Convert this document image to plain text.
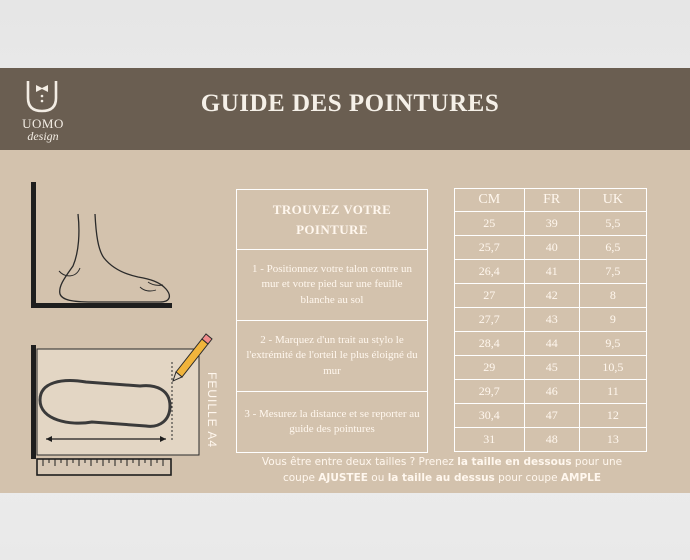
UOMO
design
GUIDE DES POINTURES
FEUILLE A4
TROUVEZ VOTRE POINTURE
1 - Positionnez votre talon contre un mur et votre pied sur une feuille blanche au sol
2 - Marquez d'un trait au stylo le l'extrémité de l'orteil le plus éloigné du mur
3 - Mesurez la distance et se reporter au guide des pointures
CM	FR	UK
25	39	5,5
25,7	40	6,5
26,4	41	7,5
27	42	8
27,7	43	9
28,4	44	9,5
29	45	10,5
29,7	46	11
30,4	47	12
31	48	13
Vous être entre deux tailles ? Prenez la taille en dessous pour une
coupe AJUSTEE ou la taille au dessus pour coupe AMPLE
